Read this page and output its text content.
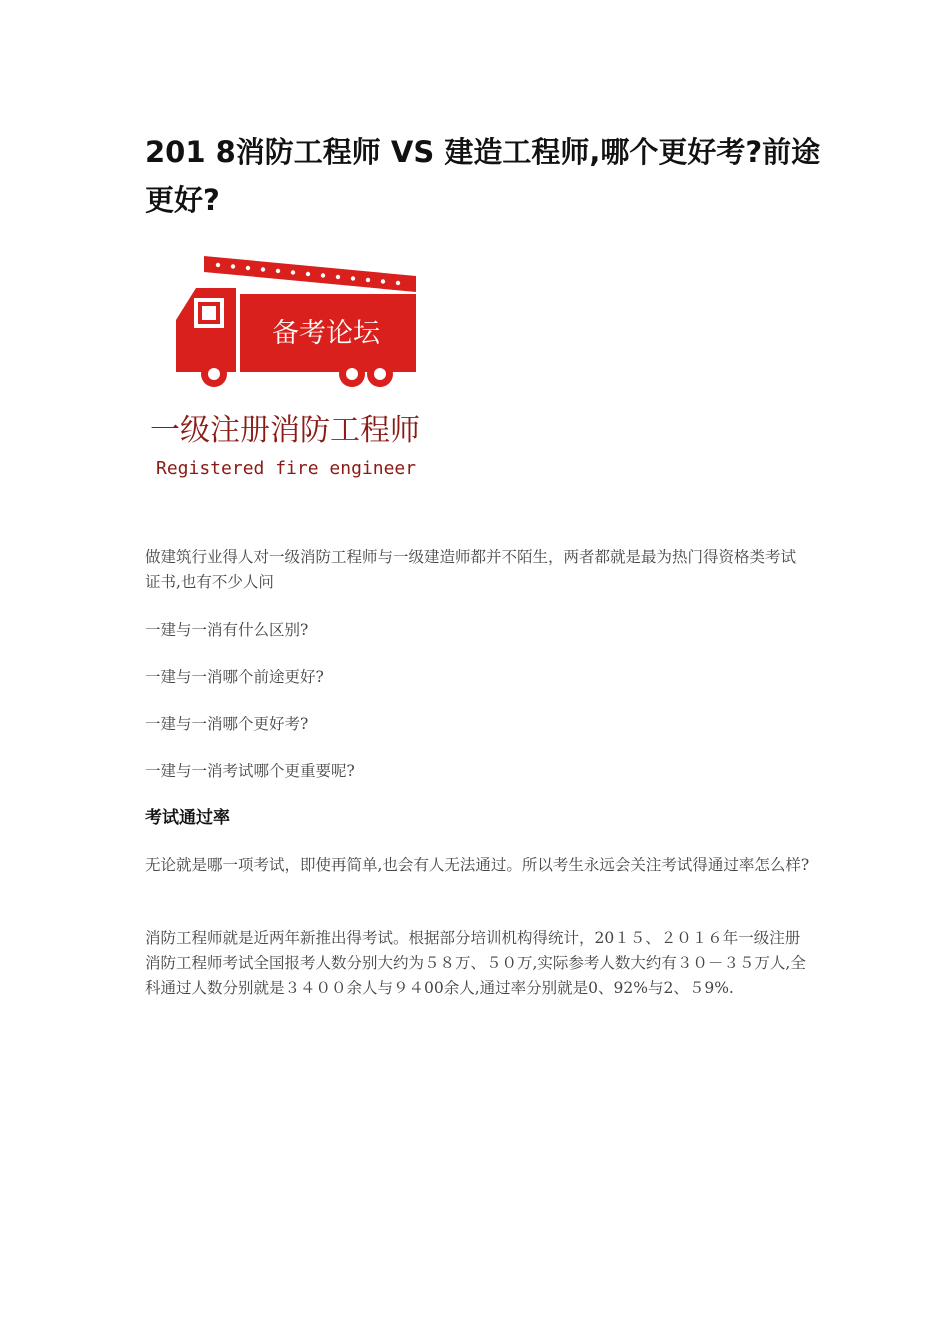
201 8消防工程师 VS 建造工程师,哪个更好考?前途更好?
备考论坛
一级注册消防工程师
Registered fire engineer

做建筑行业得人对一级消防工程师与一级建造师都并不陌生，两者都就是最为热门得资格类考试证书,也有不少人问

一建与一消有什么区别?

一建与一消哪个前途更好?

一建与一消哪个更好考?

一建与一消考试哪个更重要呢?

考试通过率

无论就是哪一项考试，即使再简单,也会有人无法通过。所以考生永远会关注考试得通过率怎么样?

消防工程师就是近两年新推出得考试。根据部分培训机构得统计，20１５、２０１６年一级注册消防工程师考试全国报考人数分别大约为５８万、５０万,实际参考人数大约有３０－３５万人,全科通过人数分别就是３４００余人与９４00余人,通过率分别就是0、92%与2、５9%.
